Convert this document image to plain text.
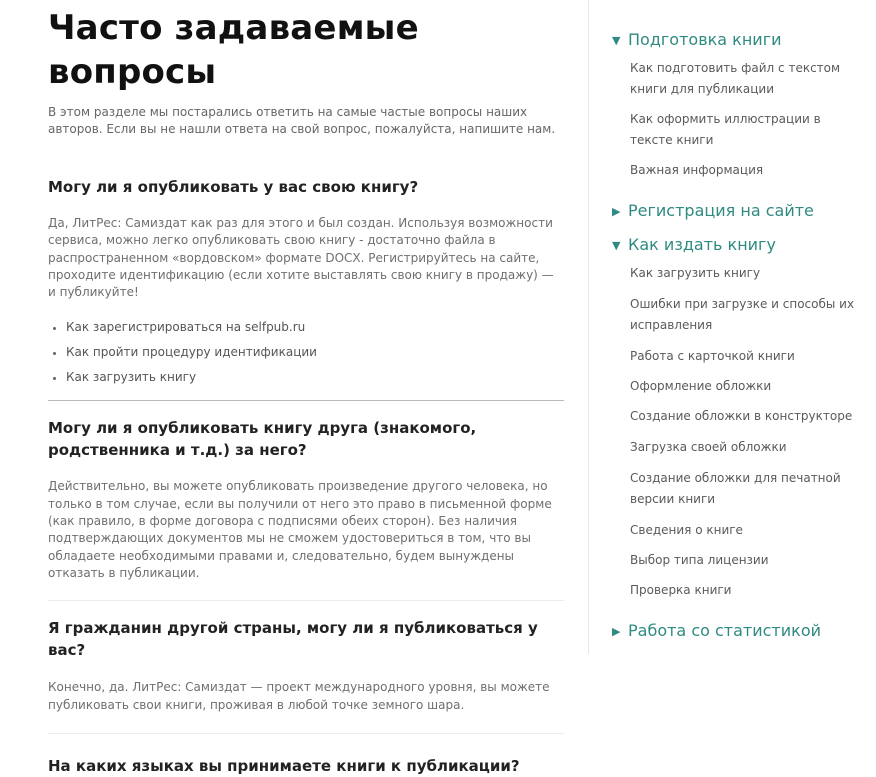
Часто задаваемые вопросы
В этом разделе мы постарались ответить на самые частые вопросы наших авторов. Если вы не нашли ответа на свой вопрос, пожалуйста, напишите нам.
Могу ли я опубликовать у вас свою книгу?
Да, ЛитРес: Самиздат как раз для этого и был создан. Используя возможности сервиса, можно легко опубликовать свою книгу - достаточно файла в распространенном «вордовском» формате DOCX. Регистрируйтесь на сайте, проходите идентификацию (если хотите выставлять свою книгу в продажу) — и публикуйте!
• Как зарегистрироваться на selfpub.ru
• Как пройти процедуру идентификации
• Как загрузить книгу
Могу ли я опубликовать книгу друга (знакомого, родственника и т.д.) за него?
Действительно, вы можете опубликовать произведение другого человека, но только в том случае, если вы получили от него это право в письменной форме (как правило, в форме договора с подписями обеих сторон). Без наличия подтверждающих документов мы не сможем удостовериться в том, что вы обладаете необходимыми правами и, следовательно, будем вынуждены отказать в публикации.
Я гражданин другой страны, могу ли я публиковаться у вас?
Конечно, да. ЛитРес: Самиздат — проект международного уровня, вы можете публиковать свои книги, проживая в любой точке земного шара.
На каких языках вы принимаете книги к публикации?
▼ Подготовка книги
Как подготовить файл с текстом книги для публикации
Как оформить иллюстрации в тексте книги
Важная информация
▶ Регистрация на сайте
▼ Как издать книгу
Как загрузить книгу
Ошибки при загрузке и способы их исправления
Работа с карточкой книги
Оформление обложки
Создание обложки в конструкторе
Загрузка своей обложки
Создание обложки для печатной версии книги
Сведения о книге
Выбор типа лицензии
Проверка книги
▶ Работа со статистикой
